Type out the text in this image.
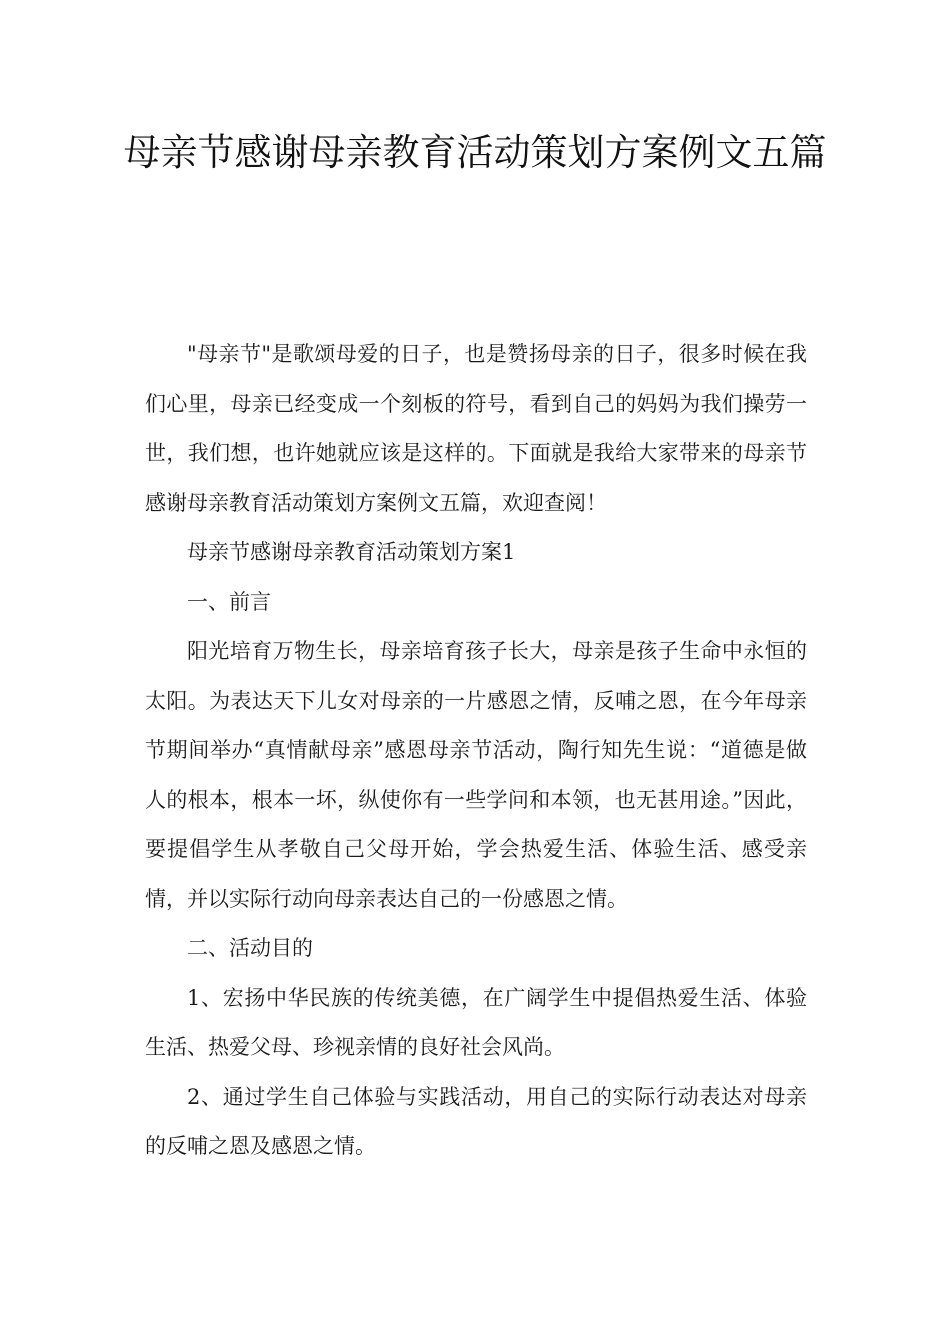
母亲节感谢母亲教育活动策划方案例文五篇

"母亲节"是歌颂母爱的日子，也是赞扬母亲的日子，很多时候在我们心里，母亲已经变成一个刻板的符号，看到自己的妈妈为我们操劳一世，我们想，也许她就应该是这样的。下面就是我给大家带来的母亲节感谢母亲教育活动策划方案例文五篇，欢迎查阅！

母亲节感谢母亲教育活动策划方案1

一、前言

阳光培育万物生长，母亲培育孩子长大，母亲是孩子生命中永恒的太阳。为表达天下儿女对母亲的一片感恩之情，反哺之恩，在今年母亲节期间举办“真情献母亲”感恩母亲节活动，陶行知先生说：“道德是做人的根本，根本一坏，纵使你有一些学问和本领，也无甚用途。”因此，要提倡学生从孝敬自己父母开始，学会热爱生活、体验生活、感受亲情，并以实际行动向母亲表达自己的一份感恩之情。

二、活动目的

1、宏扬中华民族的传统美德，在广阔学生中提倡热爱生活、体验生活、热爱父母、珍视亲情的良好社会风尚。

2、通过学生自己体验与实践活动，用自己的实际行动表达对母亲的反哺之恩及感恩之情。
